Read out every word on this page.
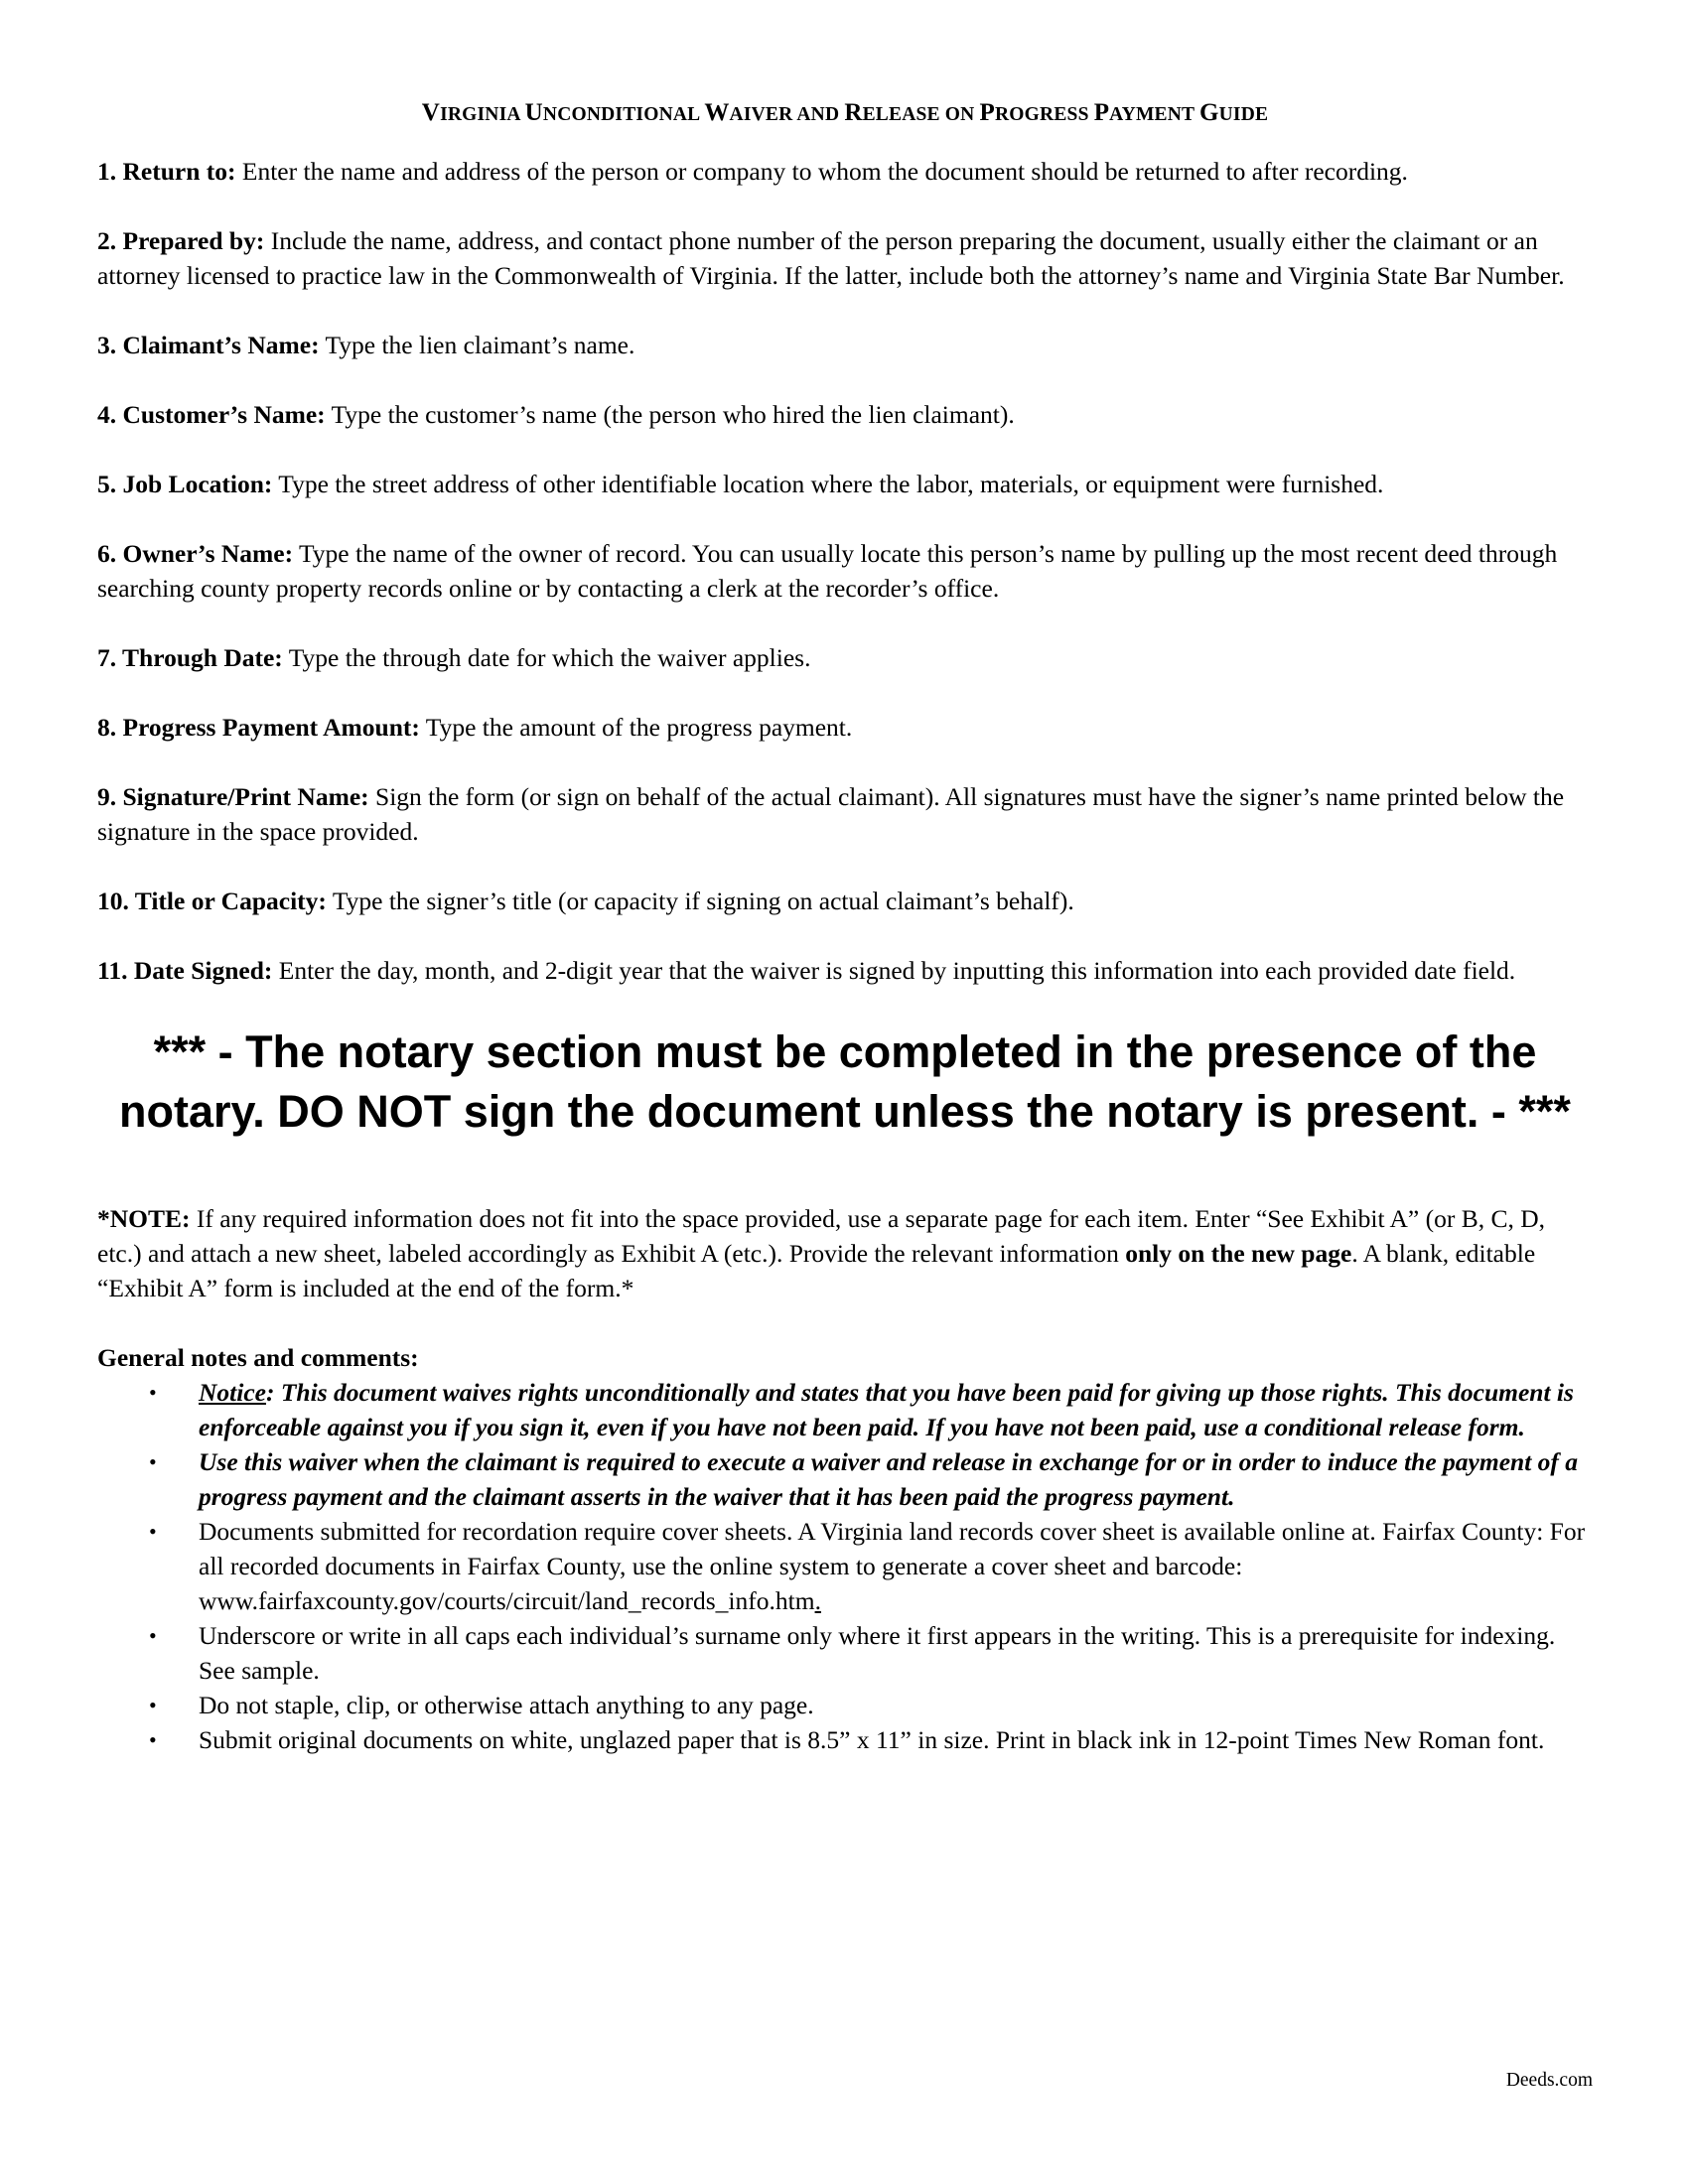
VIRGINIA UNCONDITIONAL WAIVER AND RELEASE ON PROGRESS PAYMENT GUIDE
1. Return to: Enter the name and address of the person or company to whom the document should be returned to after recording.
2. Prepared by: Include the name, address, and contact phone number of the person preparing the document, usually either the claimant or an attorney licensed to practice law in the Commonwealth of Virginia. If the latter, include both the attorney’s name and Virginia State Bar Number.
3. Claimant’s Name: Type the lien claimant’s name.
4. Customer’s Name: Type the customer’s name (the person who hired the lien claimant).
5. Job Location: Type the street address of other identifiable location where the labor, materials, or equipment were furnished.
6. Owner’s Name: Type the name of the owner of record. You can usually locate this person’s name by pulling up the most recent deed through searching county property records online or by contacting a clerk at the recorder’s office.
7. Through Date: Type the through date for which the waiver applies.
8. Progress Payment Amount: Type the amount of the progress payment.
9. Signature/Print Name: Sign the form (or sign on behalf of the actual claimant). All signatures must have the signer’s name printed below the signature in the space provided.
10. Title or Capacity: Type the signer’s title (or capacity if signing on actual claimant’s behalf).
11. Date Signed: Enter the day, month, and 2-digit year that the waiver is signed by inputting this information into each provided date field.
*** - The notary section must be completed in the presence of the notary. DO NOT sign the document unless the notary is present. - ***
*NOTE: If any required information does not fit into the space provided, use a separate page for each item. Enter “See Exhibit A” (or B, C, D, etc.) and attach a new sheet, labeled accordingly as Exhibit A (etc.). Provide the relevant information only on the new page. A blank, editable “Exhibit A” form is included at the end of the form.*
General notes and comments:
• Notice: This document waives rights unconditionally and states that you have been paid for giving up those rights. This document is enforceable against you if you sign it, even if you have not been paid. If you have not been paid, use a conditional release form.
• Use this waiver when the claimant is required to execute a waiver and release in exchange for or in order to induce the payment of a progress payment and the claimant asserts in the waiver that it has been paid the progress payment.
• Documents submitted for recordation require cover sheets. A Virginia land records cover sheet is available online at. Fairfax County: For all recorded documents in Fairfax County, use the online system to generate a cover sheet and barcode: www.fairfaxcounty.gov/courts/circuit/land_records_info.htm.
• Underscore or write in all caps each individual’s surname only where it first appears in the writing. This is a prerequisite for indexing. See sample.
• Do not staple, clip, or otherwise attach anything to any page.
• Submit original documents on white, unglazed paper that is 8.5” x 11” in size. Print in black ink in 12-point Times New Roman font.
Deeds.com
